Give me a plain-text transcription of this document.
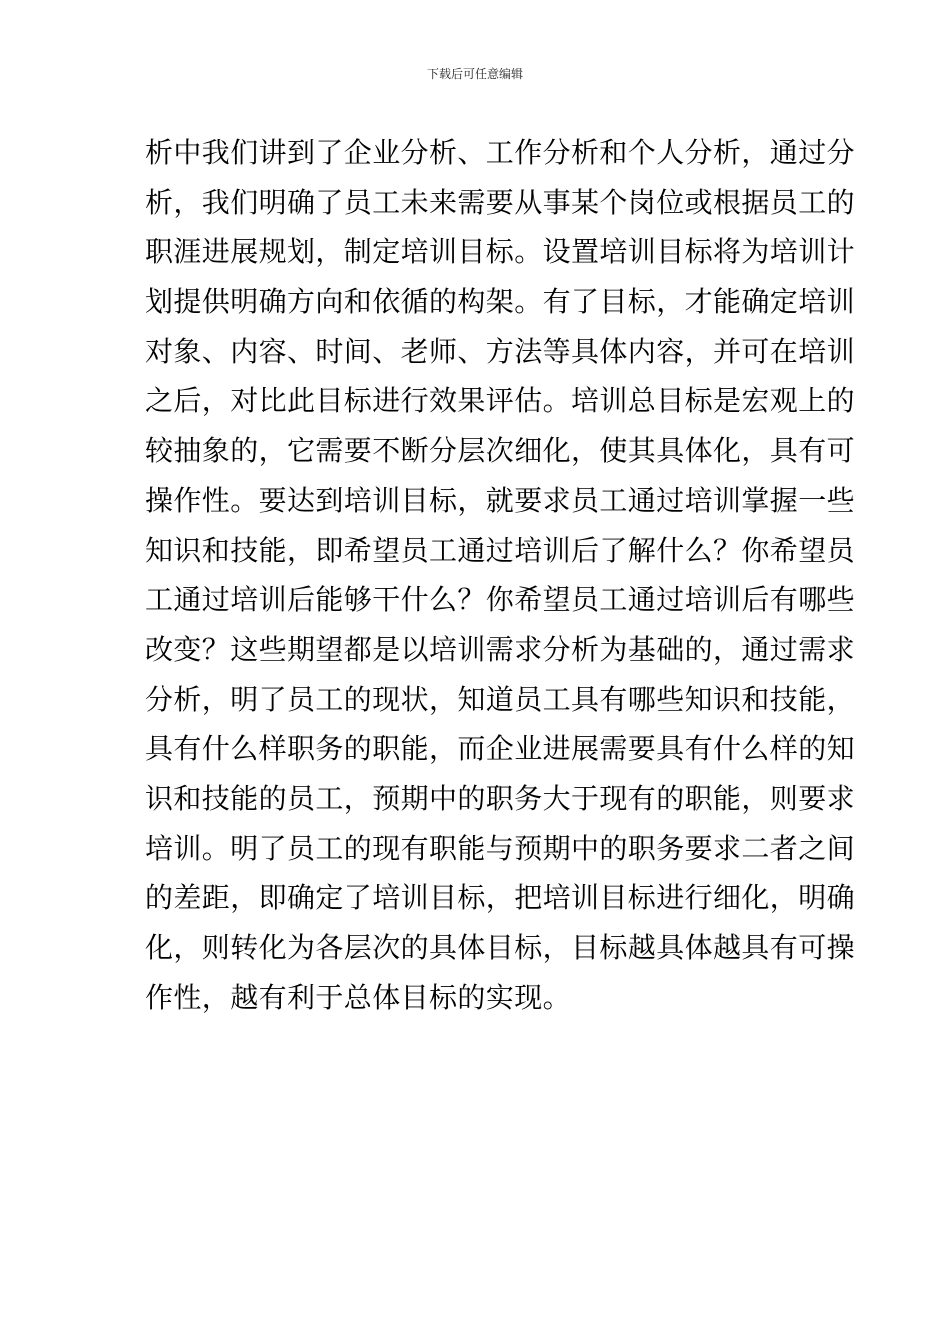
下载后可任意编辑
析中我们讲到了企业分析、工作分析和个人分析，通过分
析，我们明确了员工未来需要从事某个岗位或根据员工的
职涯进展规划，制定培训目标。设置培训目标将为培训计
划提供明确方向和依循的构架。有了目标，才能确定培训
对象、内容、时间、老师、方法等具体内容，并可在培训
之后，对比此目标进行效果评估。培训总目标是宏观上的
较抽象的，它需要不断分层次细化，使其具体化，具有可
操作性。要达到培训目标，就要求员工通过培训掌握一些
知识和技能，即希望员工通过培训后了解什么？你希望员
工通过培训后能够干什么？你希望员工通过培训后有哪些
改变？这些期望都是以培训需求分析为基础的，通过需求
分析，明了员工的现状，知道员工具有哪些知识和技能，
具有什么样职务的职能，而企业进展需要具有什么样的知
识和技能的员工，预期中的职务大于现有的职能，则要求
培训。明了员工的现有职能与预期中的职务要求二者之间
的差距，即确定了培训目标，把培训目标进行细化，明确
化，则转化为各层次的具体目标，目标越具体越具有可操
作性，越有利于总体目标的实现。
